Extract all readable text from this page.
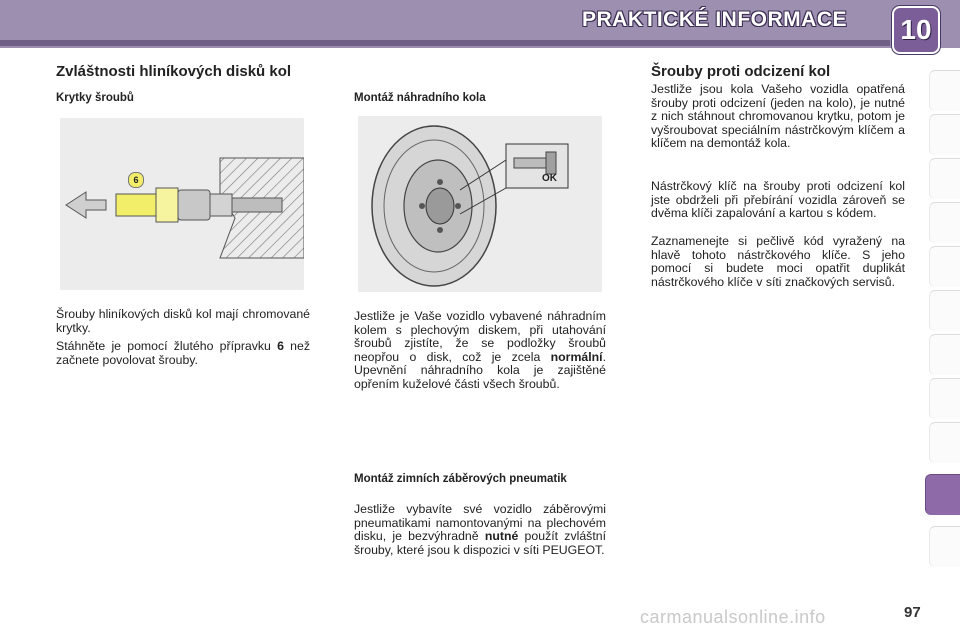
PRAKTICKÉ INFORMACE	10
Zvláštnosti hliníkových disků kol
Krytky šroubů
6
Šrouby hliníkových disků kol mají chromované krytky.
Stáhněte je pomocí žlutého přípravku 6 než začnete povolovat šrouby.
Montáž náhradního kola
OK
Jestliže je Vaše vozidlo vybavené náhradním kolem s plechovým diskem, při utahování šroubů zjistíte, že se podložky šroubů neopřou o disk, což je zcela normální. Upevnění náhradního kola je zajištěné opřením kuželové části všech šroubů.
Montáž zimních záběrových pneumatik
Jestliže vybavíte své vozidlo záběrovými pneumatikami namontovanými na plechovém disku, je bezvýhradně nutné použít zvláštní šrouby, které jsou k dispozici v síti PEUGEOT.
Šrouby proti odcizení kol
Jestliže jsou kola Vašeho vozidla opatřená šrouby proti odcizení (jeden na kolo), je nutné z nich stáhnout chromovanou krytku, potom je vyšroubovat speciálním nástrčkovým klíčem a klíčem na demontáž kola.
Nástrčkový klíč na šrouby proti odcizení kol jste obdrželi při přebírání vozidla zároveň se dvěma klíči zapalování a kartou s kódem.
Zaznamenejte si pečlivě kód vyražený na hlavě tohoto nástrčkového klíče. S jeho pomocí si budete moci opatřit duplikát nástrčkového klíče v síti značkových servisů.
carmanualsonline.info	97
